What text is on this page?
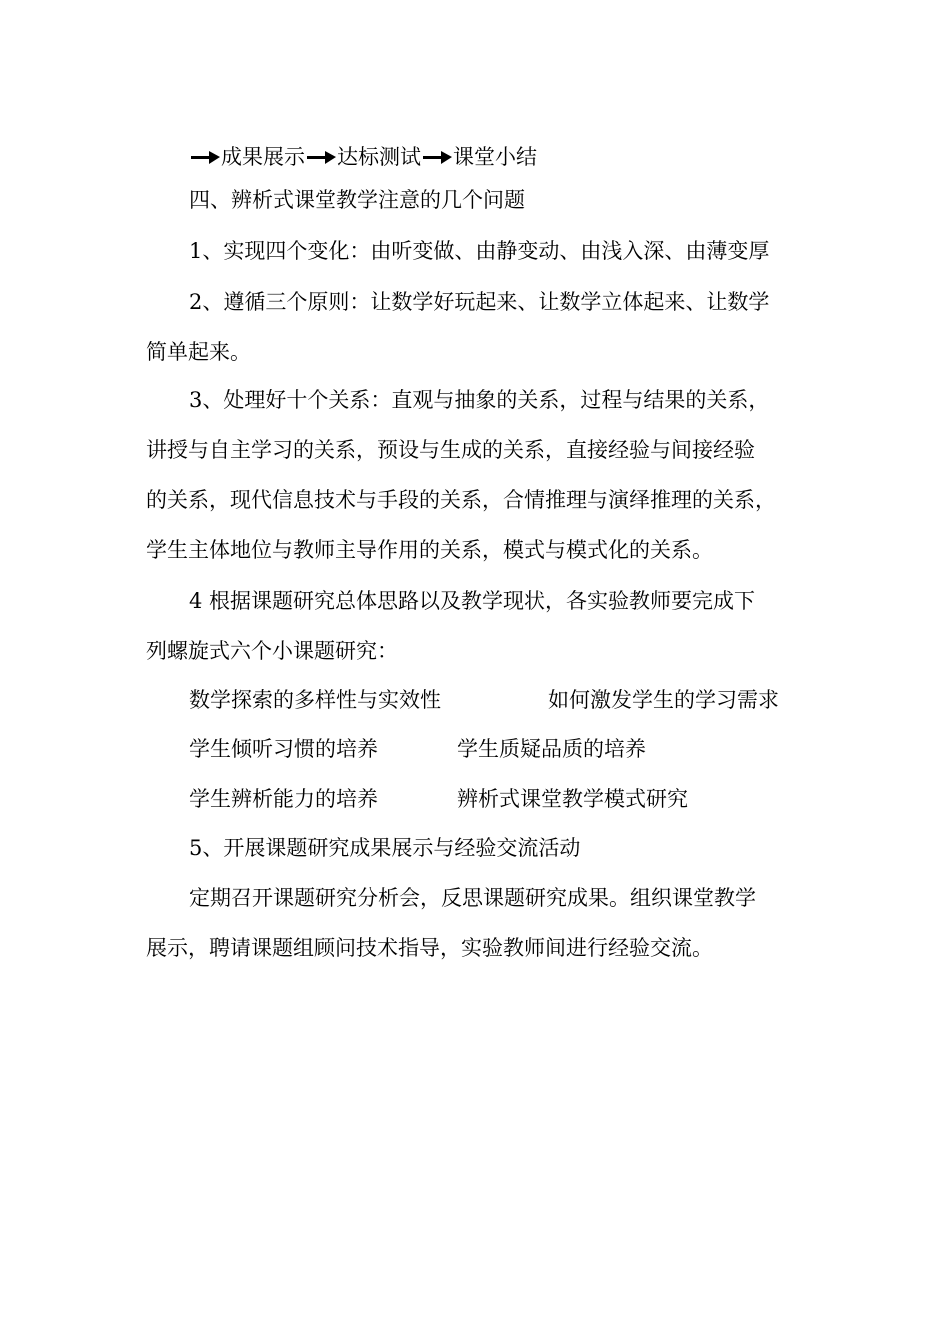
成果展示 达标测试 课堂小结
四、辨析式课堂教学注意的几个问题
1、实现四个变化：由听变做、由静变动、由浅入深、由薄变厚
2、遵循三个原则：让数学好玩起来、让数学立体起来、让数学
简单起来。
3、处理好十个关系：直观与抽象的关系，过程与结果的关系，
讲授与自主学习的关系，预设与生成的关系，直接经验与间接经验
的关系，现代信息技术与手段的关系，合情推理与演绎推理的关系，
学生主体地位与教师主导作用的关系，模式与模式化的关系。
4 根据课题研究总体思路以及教学现状，各实验教师要完成下
列螺旋式六个小课题研究：
数学探索的多样性与实效性	如何激发学生的学习需求
学生倾听习惯的培养	学生质疑品质的培养
学生辨析能力的培养	辨析式课堂教学模式研究
5、开展课题研究成果展示与经验交流活动
定期召开课题研究分析会，反思课题研究成果。组织课堂教学
展示，聘请课题组顾问技术指导，实验教师间进行经验交流。
